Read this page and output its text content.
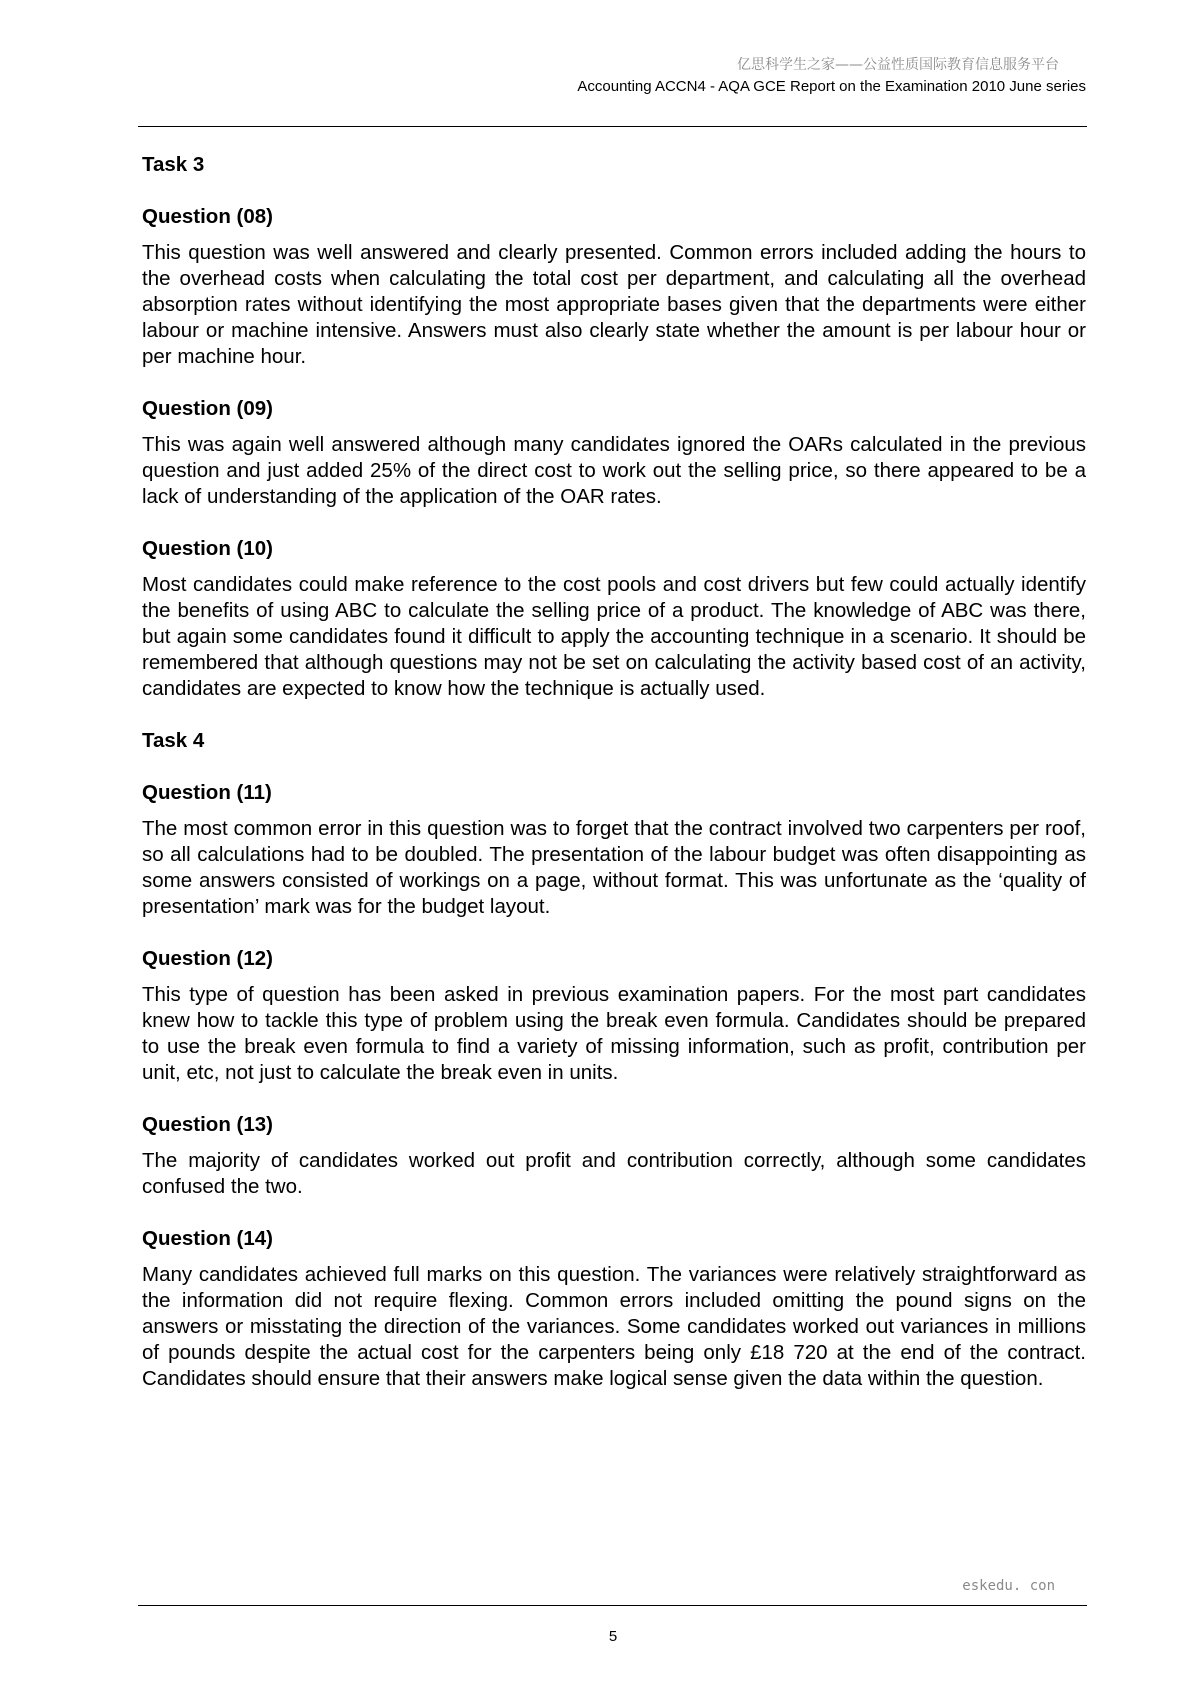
亿思科学生之家——公益性质国际教育信息服务平台
Accounting ACCN4 - AQA GCE Report on the Examination 2010 June series
Task 3
Question (08)

This question was well answered and clearly presented. Common errors included adding the hours to the overhead costs when calculating the total cost per department, and calculating all the overhead absorption rates without identifying the most appropriate bases given that the departments were either labour or machine intensive. Answers must also clearly state whether the amount is per labour hour or per machine hour.

Question (09)

This was again well answered although many candidates ignored the OARs calculated in the previous question and just added 25% of the direct cost to work out the selling price, so there appeared to be a lack of understanding of the application of the OAR rates.

Question (10)

Most candidates could make reference to the cost pools and cost drivers but few could actually identify the benefits of using ABC to calculate the selling price of a product. The knowledge of ABC was there, but again some candidates found it difficult to apply the accounting technique in a scenario. It should be remembered that although questions may not be set on calculating the activity based cost of an activity, candidates are expected to know how the technique is actually used.

Task 4
Question (11)

The most common error in this question was to forget that the contract involved two carpenters per roof, so all calculations had to be doubled. The presentation of the labour budget was often disappointing as some answers consisted of workings on a page, without format. This was unfortunate as the ‘quality of presentation’ mark was for the budget layout.

Question (12)

This type of question has been asked in previous examination papers. For the most part candidates knew how to tackle this type of problem using the break even formula. Candidates should be prepared to use the break even formula to find a variety of missing information, such as profit, contribution per unit, etc, not just to calculate the break even in units.

Question (13)

The majority of candidates worked out profit and contribution correctly, although some candidates confused the two.

Question (14)

Many candidates achieved full marks on this question. The variances were relatively straightforward as the information did not require flexing. Common errors included omitting the pound signs on the answers or misstating the direction of the variances. Some candidates worked out variances in millions of pounds despite the actual cost for the carpenters being only £18 720 at the end of the contract. Candidates should ensure that their answers make logical sense given the data within the question.

eskedu. con
5
